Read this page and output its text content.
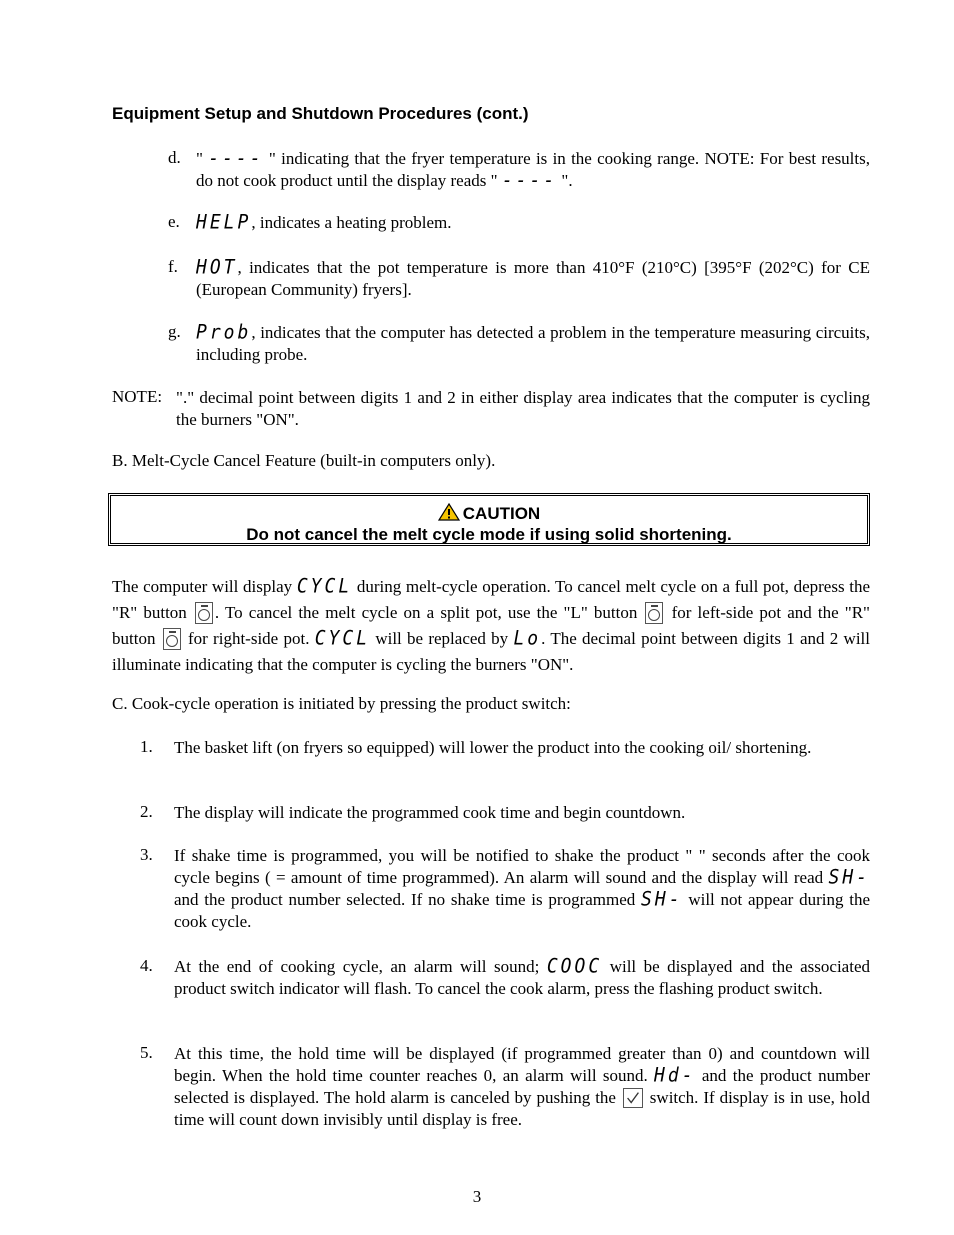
Equipment Setup and Shutdown Procedures (cont.)
d. " ---- " indicating that the fryer temperature is in the cooking range. NOTE: For best results, do not cook product until the display reads " ---- ".
e. HELP, indicates a heating problem.
f. HOT, indicates that the pot temperature is more than 410°F (210°C) [395°F (202°C) for CE (European Community) fryers].
g. Prob, indicates that the computer has detected a problem in the temperature measuring circuits, including probe.
NOTE: "." decimal point between digits 1 and 2 in either display area indicates that the computer is cycling the burners "ON".
B. Melt-Cycle Cancel Feature (built-in computers only).
CAUTION
Do not cancel the melt cycle mode if using solid shortening.
The computer will display CYCL during melt-cycle operation. To cancel melt cycle on a full pot, depress the "R" button
. To cancel the melt cycle on a split pot, use the "L" button
for left-side pot and the "R" button
for right-side pot. CYCL will be replaced by Lo. The decimal point between digits 1 and 2 will illuminate indicating that the computer is cycling the burners "ON".
C. Cook-cycle operation is initiated by pressing the product switch:
1. The basket lift (on fryers so equipped) will lower the product into the cooking oil/ shortening.
2. The display will indicate the programmed cook time and begin countdown.
3. If shake time is programmed, you will be notified to shake the product " " seconds after the cook cycle begins ( = amount of time programmed). An alarm will sound and the display will read SH- and the product number selected. If no shake time is programmed SH- will not appear during the cook cycle.
4. At the end of cooking cycle, an alarm will sound; COOC will be displayed and the associated product switch indicator will flash. To cancel the cook alarm, press the flashing product switch.
5. At this time, the hold time will be displayed (if programmed greater than 0) and countdown will begin. When the hold time counter reaches 0, an alarm will sound. Hd- and the product number selected is displayed. The hold alarm is canceled by pushing the  switch. If display is in use, hold time will count down invisibly until display is free.
3
